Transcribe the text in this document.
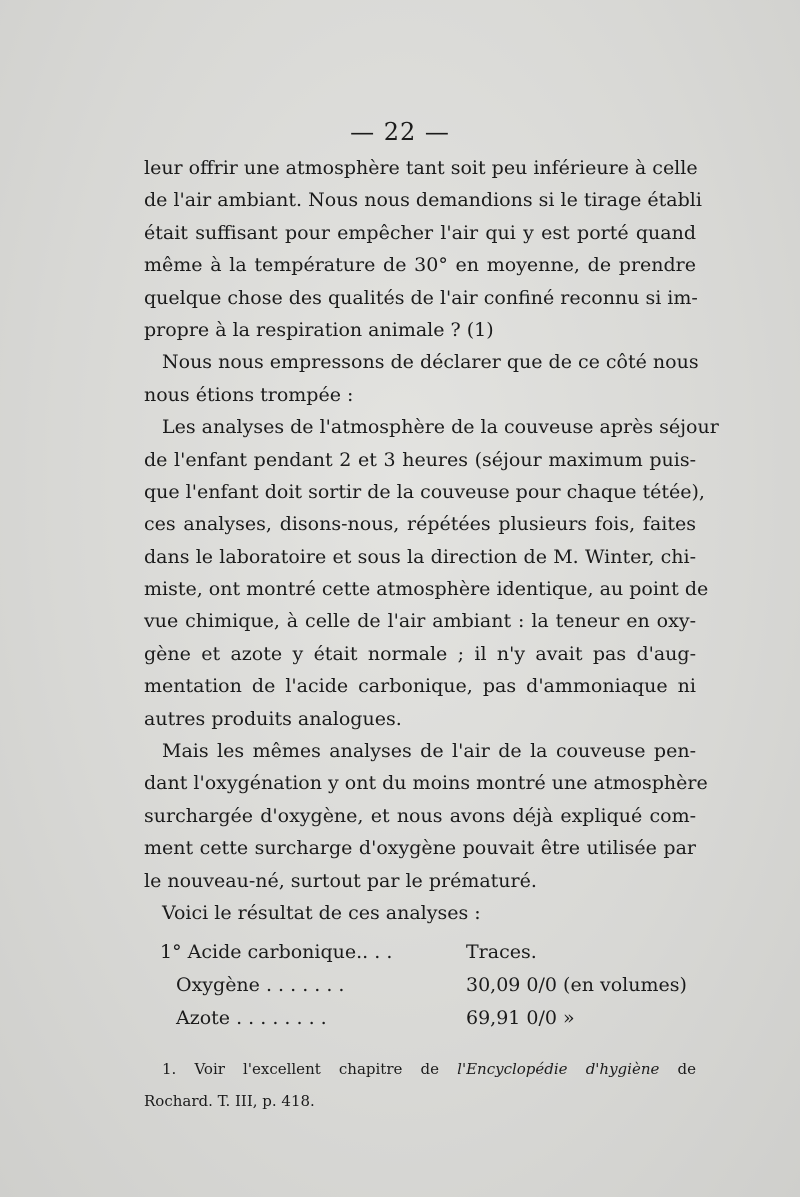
— 22 —
leur offrir une atmosphère tant soit peu inférieure à celle
de l'air ambiant. Nous nous demandions si le tirage établi
était suffisant pour empêcher l'air qui y est porté quand
même à la température de 30° en moyenne, de prendre
quelque chose des qualités de l'air confiné reconnu si im-
propre à la respiration animale ? (1)
Nous nous empressons de déclarer que de ce côté nous
nous étions trompée :
Les analyses de l'atmosphère de la couveuse après séjour
de l'enfant pendant 2 et 3 heures (séjour maximum puis-
que l'enfant doit sortir de la couveuse pour chaque tétée),
ces analyses, disons-nous, répétées plusieurs fois, faites
dans le laboratoire et sous la direction de M. Winter, chi-
miste, ont montré cette atmosphère identique, au point de
vue chimique, à celle de l'air ambiant : la teneur en oxy-
gène et azote y était normale ; il n'y avait pas d'aug-
mentation de l'acide carbonique, pas d'ammoniaque ni
autres produits analogues.
Mais les mêmes analyses de l'air de la couveuse pen-
dant l'oxygénation y ont du moins montré une atmosphère
surchargée d'oxygène, et nous avons déjà expliqué com-
ment cette surcharge d'oxygène pouvait être utilisée par
le nouveau-né, surtout par le prématuré.
Voici le résultat de ces analyses :
1° Acide carbonique.. . .	Traces.
Oxygène . . . . . . .	30,09 0/0 (en volumes)
Azote . . . . . . . .	69,91 0/0 »
1. Voir l'excellent chapitre de l'Encyclopédie d'hygiène de
Rochard. T. III, p. 418.
